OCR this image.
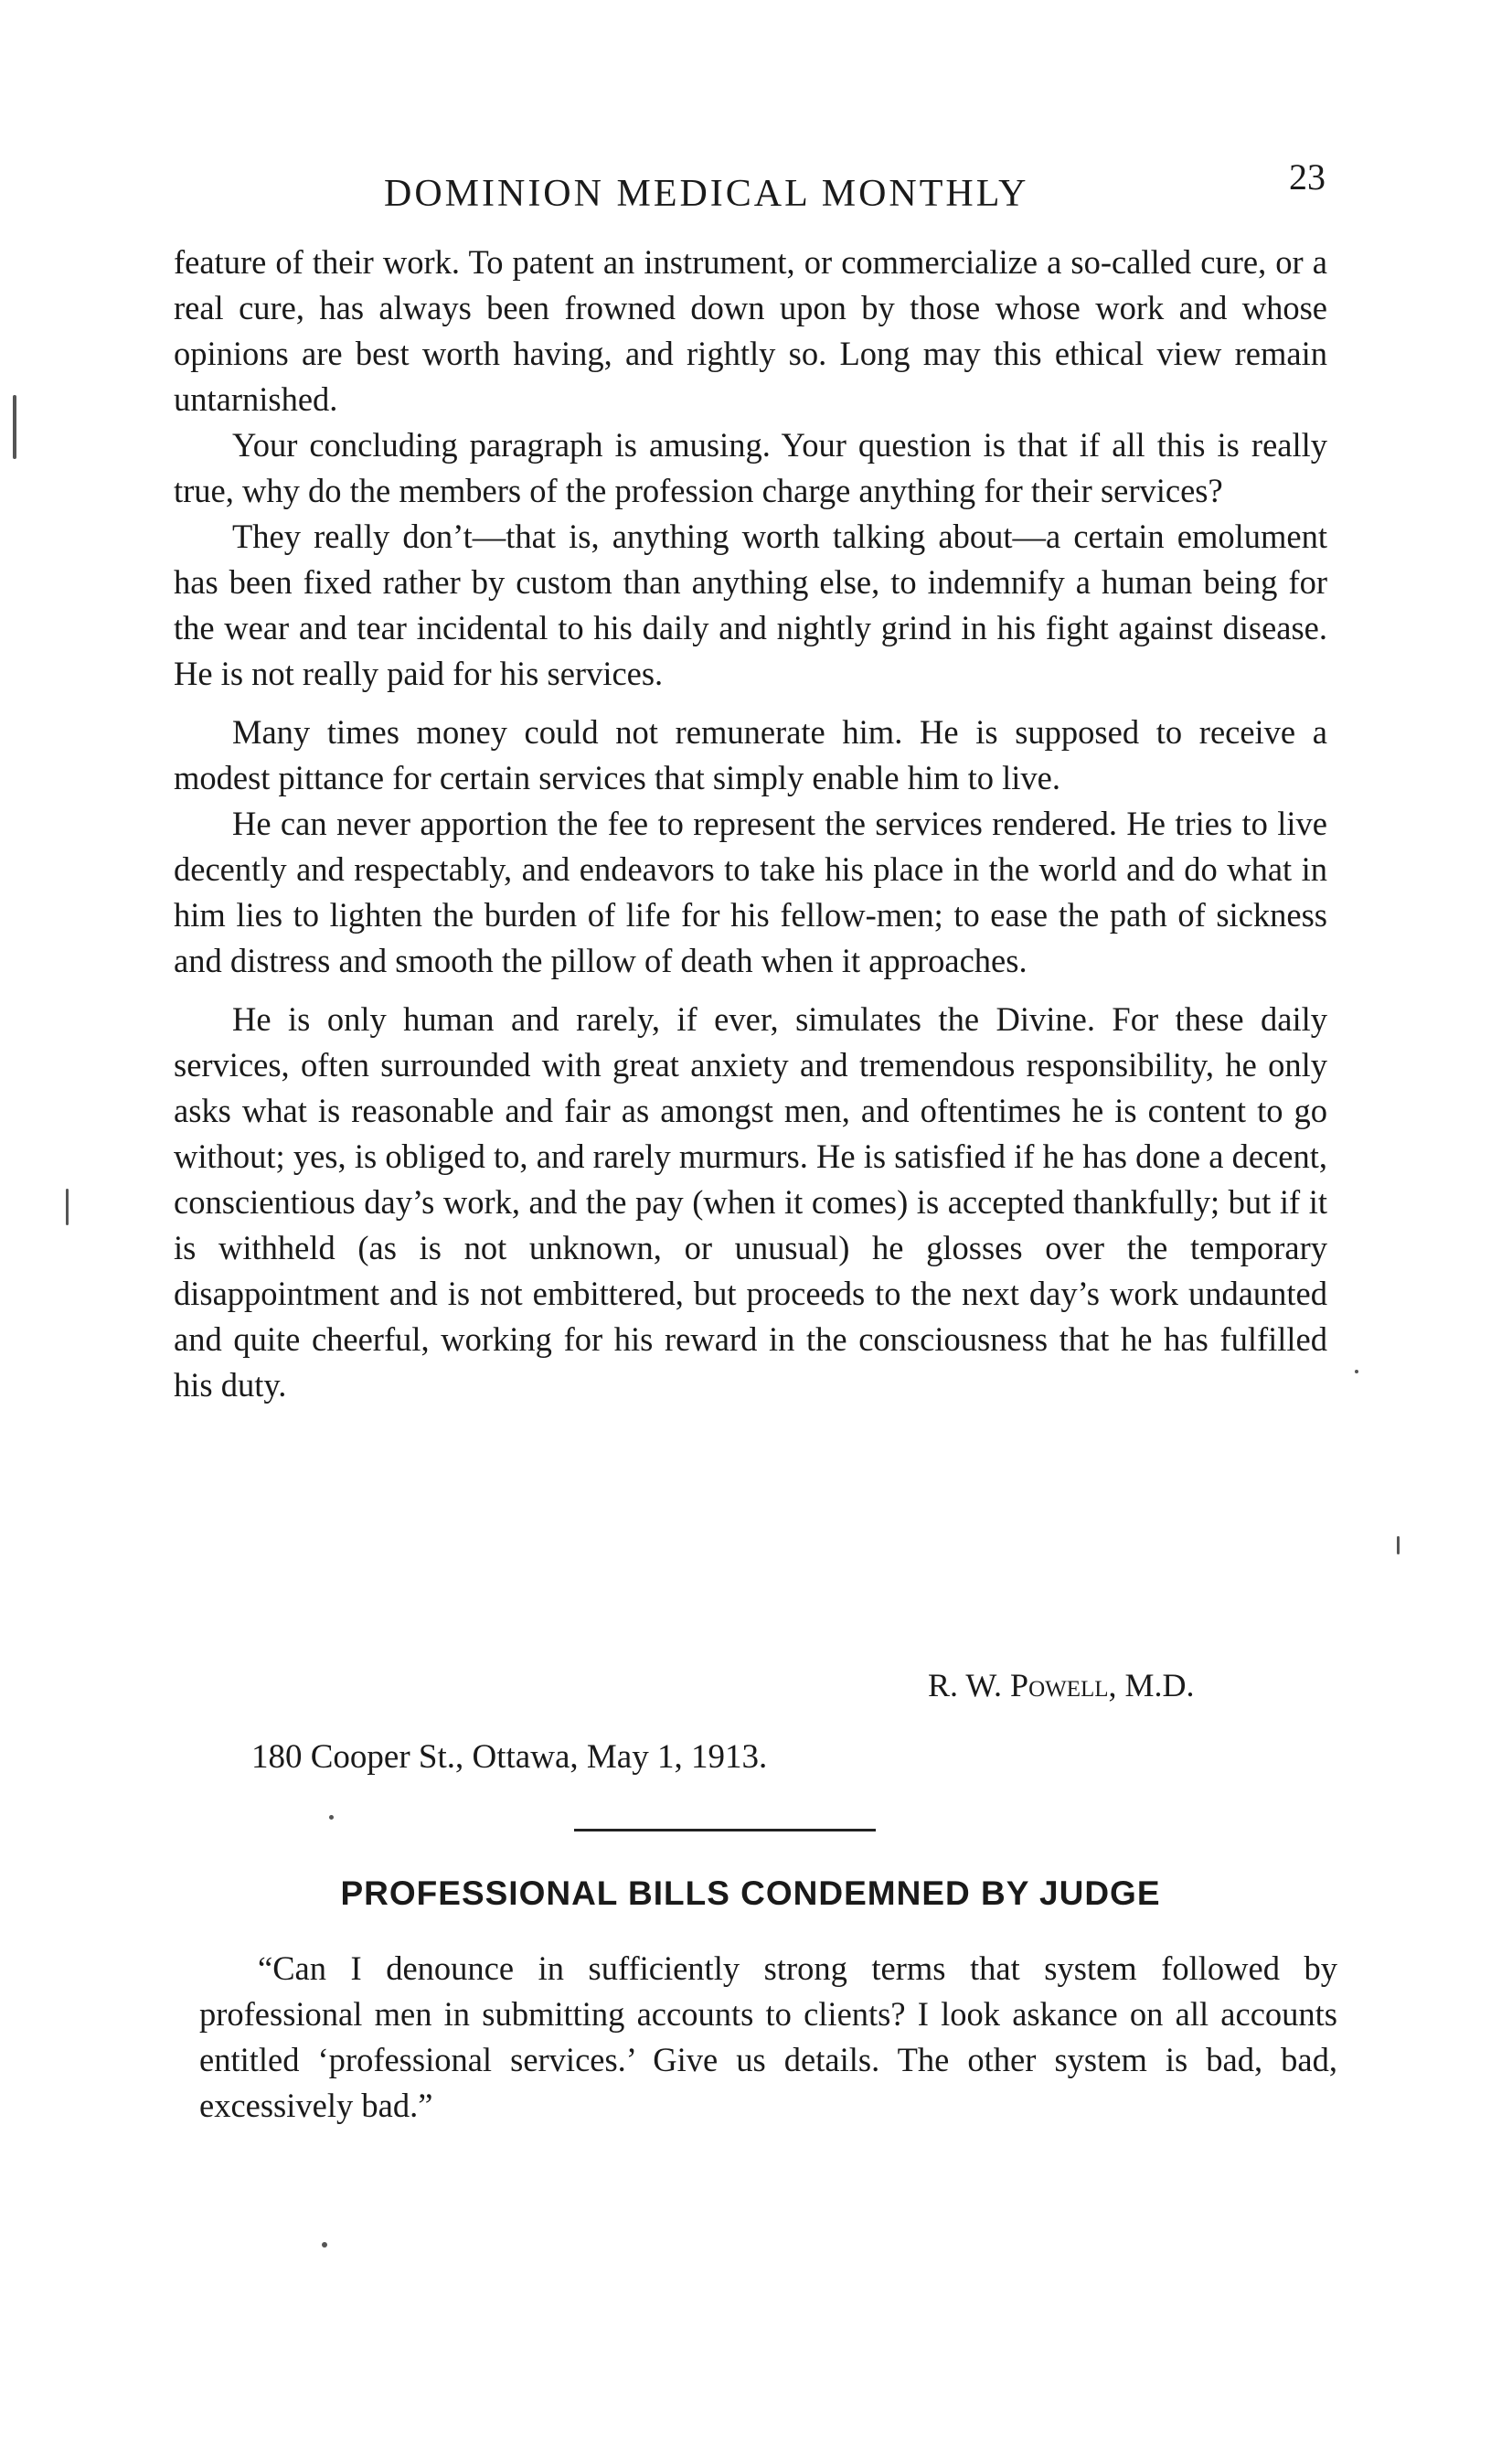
DOMINION MEDICAL MONTHLY	23

feature of their work. To patent an instrument, or commercialize a so-called cure, or a real cure, has always been frowned down upon by those whose work and whose opinions are best worth having, and rightly so. Long may this ethical view remain untarnished.

Your concluding paragraph is amusing. Your question is that if all this is really true, why do the members of the profession charge anything for their services?

They really don’t—that is, anything worth talking about—a certain emolument has been fixed rather by custom than anything else, to indemnify a human being for the wear and tear incidental to his daily and nightly grind in his fight against disease. He is not really paid for his services.

Many times money could not remunerate him. He is supposed to receive a modest pittance for certain services that simply enable him to live.

He can never apportion the fee to represent the services rendered. He tries to live decently and respectably, and endeavors to take his place in the world and do what in him lies to lighten the burden of life for his fellow-men; to ease the path of sickness and distress and smooth the pillow of death when it approaches.

He is only human and rarely, if ever, simulates the Divine. For these daily services, often surrounded with great anxiety and tremendous responsibility, he only asks what is reasonable and fair as amongst men, and oftentimes he is content to go without; yes, is obliged to, and rarely murmurs. He is satisfied if he has done a decent, conscientious day’s work, and the pay (when it comes) is accepted thankfully; but if it is withheld (as is not unknown, or unusual) he glosses over the temporary disappointment and is not embittered, but proceeds to the next day’s work undaunted and quite cheerful, working for his reward in the consciousness that he has fulfilled his duty.

R. W. Powell, M.D.
180 Cooper St., Ottawa, May 1, 1913.
PROFESSIONAL BILLS CONDEMNED BY JUDGE

“Can I denounce in sufficiently strong terms that system followed by professional men in submitting accounts to clients? I look askance on all accounts entitled ‘professional services.’ Give us details. The other system is bad, bad, excessively bad.”
